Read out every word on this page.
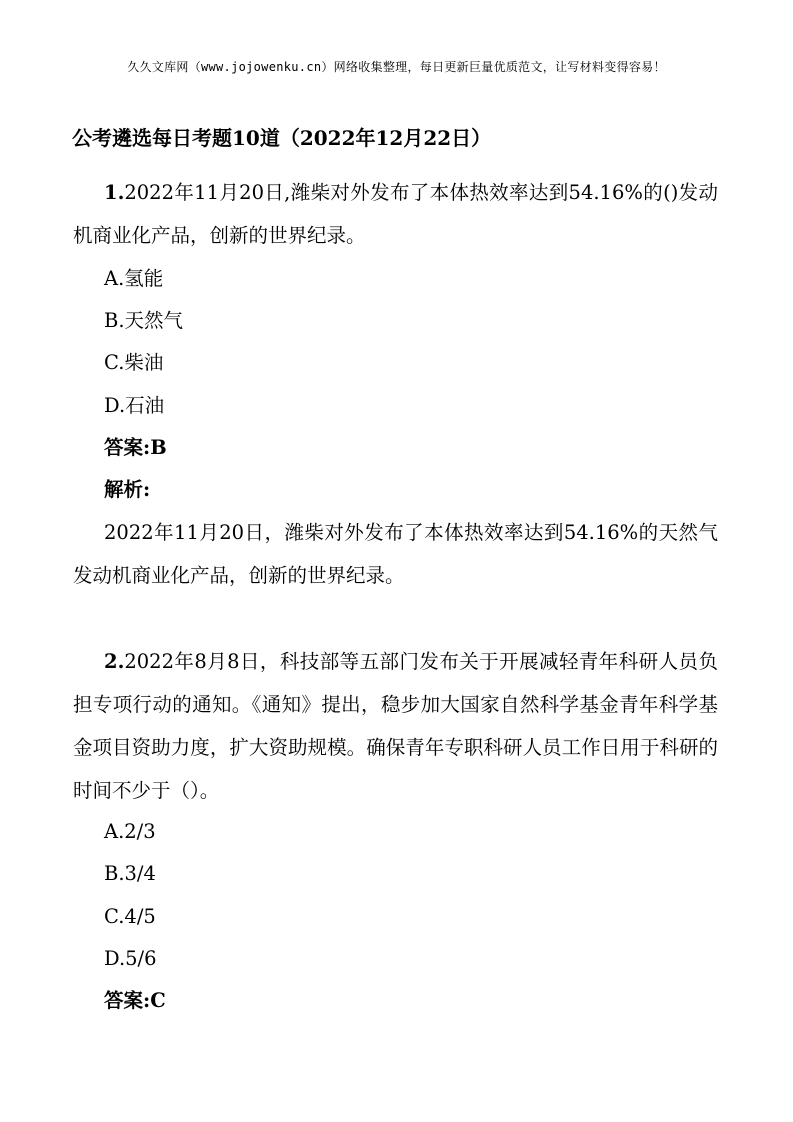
久久文库网（www.jojowenku.cn）网络收集整理，每日更新巨量优质范文，让写材料变得容易！
公考遴选每日考题10道（2022年12月22日）
1.2022年11月20日,潍柴对外发布了本体热效率达到54.16%的()发动机商业化产品，创新的世界纪录。
A.氢能
B.天然气
C.柴油
D.石油
答案:B
解析:
2022年11月20日，潍柴对外发布了本体热效率达到54.16%的天然气发动机商业化产品，创新的世界纪录。
2.2022年8月8日，科技部等五部门发布关于开展减轻青年科研人员负担专项行动的通知。《通知》提出，稳步加大国家自然科学基金青年科学基金项目资助力度，扩大资助规模。确保青年专职科研人员工作日用于科研的时间不少于（）。
A.2/3
B.3/4
C.4/5
D.5/6
答案:C
